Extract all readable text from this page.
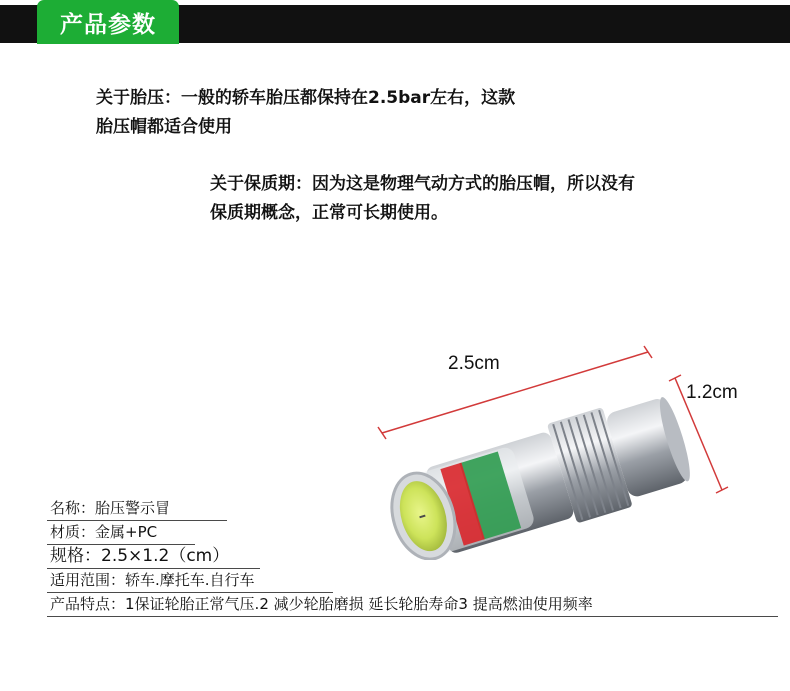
产品参数
关于胎压：一般的轿车胎压都保持在2.5bar左右，这款
胎压帽都适合使用
关于保质期：因为这是物理气动方式的胎压帽，所以没有
保质期概念，正常可长期使用。
2.5cm
1.2cm
名称：胎压警示冒
材质：金属+PC
规格：2.5×1.2（cm）
适用范围：轿车.摩托车.自行车
产品特点：1保证轮胎正常气压.2 减少轮胎磨损 延长轮胎寿命3 提高燃油使用频率
